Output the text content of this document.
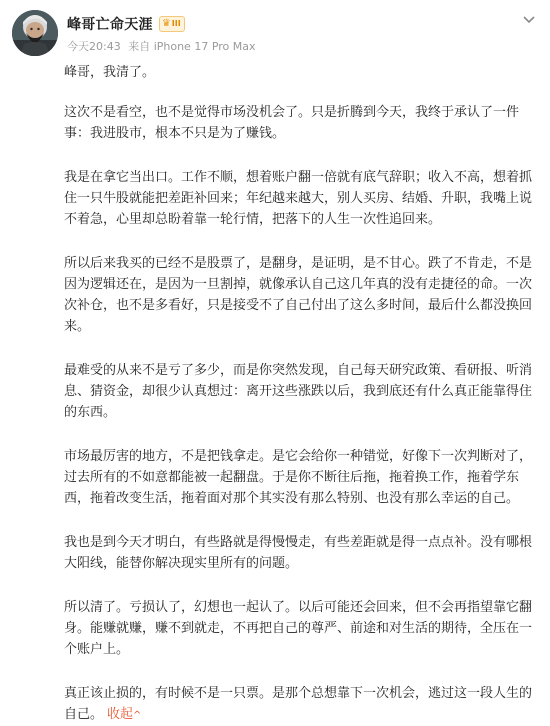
峰哥亡命天涯 ♛ III
今天20:43 来自 iPhone 17 Pro Max

峰哥，我清了。

这次不是看空，也不是觉得市场没机会了。只是折腾到今天，我终于承认了一件事：我进股市，根本不只是为了赚钱。

我是在拿它当出口。工作不顺，想着账户翻一倍就有底气辞职；收入不高，想着抓住一只牛股就能把差距补回来；年纪越来越大，别人买房、结婚、升职，我嘴上说不着急，心里却总盼着靠一轮行情，把落下的人生一次性追回来。

所以后来我买的已经不是股票了，是翻身，是证明，是不甘心。跌了不肯走，不是因为逻辑还在，是因为一旦割掉，就像承认自己这几年真的没有走捷径的命。一次次补仓，也不是多看好，只是接受不了自己付出了这么多时间，最后什么都没换回来。

最难受的从来不是亏了多少，而是你突然发现，自己每天研究政策、看研报、听消息、猜资金，却很少认真想过：离开这些涨跌以后，我到底还有什么真正能靠得住的东西。

市场最厉害的地方，不是把钱拿走。是它会给你一种错觉，好像下一次判断对了，过去所有的不如意都能被一起翻盘。于是你不断往后拖，拖着换工作，拖着学东西，拖着改变生活，拖着面对那个其实没有那么特别、也没有那么幸运的自己。

我也是到今天才明白，有些路就是得慢慢走，有些差距就是得一点点补。没有哪根大阳线，能替你解决现实里所有的问题。

所以清了。亏损认了，幻想也一起认了。以后可能还会回来，但不会再指望靠它翻身。能赚就赚，赚不到就走，不再把自己的尊严、前途和对生活的期待，全压在一个账户上。

真正该止损的，有时候不是一只票。是那个总想靠下一次机会，逃过这一段人生的自己。 收起^
